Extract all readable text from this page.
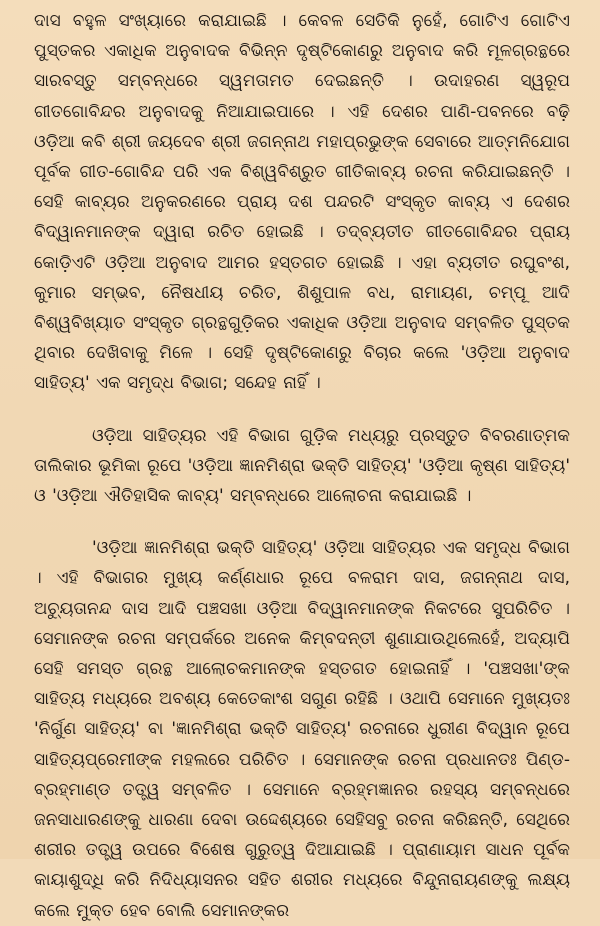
ଦାସ ବହୁଳ ସଂଖ୍ୟାରେ କରାଯାଇଛି । କେବଳ ସେତିକି ନୁହେଁ, ଗୋଟିଏ ଗୋଟିଏ ପୁସ୍ତକର ଏକାଧିକ ଅନୁବାଦକ ବିଭିନ୍ନ ଦୃଷ୍ଟିକୋଣରୁ ଅନୁବାଦ କରି ମୂଳଗ୍ରନ୍ଥରେ ସାରବସ୍ତୁ ସମ୍ବନ୍ଧରେ ସ୍ୱମତାମତ ଦେଇଛନ୍ତି । ଉଦାହରଣ ସ୍ୱରୂପ ଗୀତଗୋବିନ୍ଦର ଅନୁବାଦକୁ ନିଆଯାଇପାରେ । ଏହି ଦେଶର ପାଣି-ପବନରେ ବଢ଼ି ଓଡ଼ିଆ କବି ଶ୍ରୀ ଜୟଦେବ ଶ୍ରୀ ଜଗନ୍ନାଥ ମହାପ୍ରଭୁଙ୍କ ସେବାରେ ଆତ୍ମନିଯୋଗ ପୂର୍ବକ ଗୀତ-ଗୋବିନ୍ଦ ପରି ଏକ ବିଶ୍ୱବିଶ୍ରୁତ ଗୀତିକାବ୍ୟ ରଚନା କରିଯାଇଛନ୍ତି । ସେହି କାବ୍ୟର ଅନୁକରଣରେ ପ୍ରାୟ ଦଶ ପନ୍ଦରଟି ସଂସ୍କୃତ କାବ୍ୟ ଏ ଦେଶର ବିଦ୍ୱାନମାନଙ୍କ ଦ୍ୱାରା ରଚିତ ହୋଇଛି । ତଦ୍‌ବ୍ୟତୀତ ଗୀତଗୋବିନ୍ଦର ପ୍ରାୟ କୋଡ଼ିଏଟି ଓଡ଼ିଆ ଅନୁବାଦ ଆମର ହସ୍ତଗତ ହୋଇଛି । ଏହା ବ୍ୟତୀତ ରଘୁବଂଶ, କୁମାର ସମ୍ଭବ, ନୈଷଧୀୟ ଚରିତ, ଶିଶୁପାଳ ବଧ, ରାମାୟଣ, ଚମ୍ପୂ ଆଦି ବିଶ୍ୱବିଖ୍ୟାତ ସଂସ୍କୃତ ଗ୍ରନ୍ଥଗୁଡ଼ିକର ଏକାଧିକ ଓଡ଼ିଆ ଅନୁବାଦ ସମ୍ବଳିତ ପୁସ୍ତକ ଥିବାର ଦେଖିବାକୁ ମିଳେ । ସେହି ଦୃଷ୍ଟିକୋଣରୁ ବିଚାର କଲେ 'ଓଡ଼ିଆ ଅନୁବାଦ ସାହିତ୍ୟ' ଏକ ସମୃଦ୍ଧ ବିଭାଗ; ସନ୍ଦେହ ନାହିଁ ।

ଓଡ଼ିଆ ସାହିତ୍ୟର ଏହି ବିଭାଗ ଗୁଡ଼ିକ ମଧ୍ୟରୁ ପ୍ରସ୍ତୁତ ବିବରଣାତ୍ମକ ତାଲିକାର ଭୂମିକା ରୂପେ 'ଓଡ଼ିଆ ଜ୍ଞାନମିଶ୍ରା ଭକ୍ତି ସାହିତ୍ୟ' 'ଓଡ଼ିଆ କୃଷ୍ଣ ସାହିତ୍ୟ' ଓ 'ଓଡ଼ିଆ ଐତିହାସିକ କାବ୍ୟ' ସମ୍ବନ୍ଧରେ ଆଲୋଚନା କରାଯାଇଛି ।

'ଓଡ଼ିଆ ଜ୍ଞାନମିଶ୍ରା ଭକ୍ତି ସାହିତ୍ୟ' ଓଡ଼ିଆ ସାହିତ୍ୟର ଏକ ସମୃଦ୍ଧ ବିଭାଗ । ଏହି ବିଭାଗର ମୁଖ୍ୟ କର୍ଣ୍ଣଧାର ରୂପେ ବଳରାମ ଦାସ, ଜଗନ୍ନାଥ ଦାସ, ଅଚ୍ୟୁତାନନ୍ଦ ଦାସ ଆଦି ପଞ୍ଚସଖା ଓଡ଼ିଆ ବିଦ୍ୱାନମାନଙ୍କ ନିକଟରେ ସୁପରିଚିତ । ସେମାନଙ୍କ ରଚନା ସମ୍ପର୍କରେ ଅନେକ କିମ୍ବଦନ୍ତୀ ଶୁଣାଯାଉଥିଲେହେଁ, ଅଦ୍ୟାପି ସେହି ସମସ୍ତ ଗ୍ରନ୍ଥ ଆଲୋଚକମାନଙ୍କ ହସ୍ତଗତ ହୋଇନାହିଁ । 'ପଞ୍ଚସଖା'ଙ୍କ ସାହିତ୍ୟ ମଧ୍ୟରେ ଅବଶ୍ୟ କେତେକାଂଶ ସଗୁଣ ରହିଛି । ଓଥାପି ସେମାନେ ମୁଖ୍ୟତଃ 'ନିର୍ଗୁଣ ସାହିତ୍ୟ' ବା 'ଜ୍ଞାନମିଶ୍ରା ଭକ୍ତି ସାହିତ୍ୟ' ରଚନାରେ ଧୁରୀଣ ବିଦ୍ୱାନ ରୂପେ ସାହିତ୍ୟପ୍ରେମୀଙ୍କ ମହଲରେ ପରିଚିତ । ସେମାନଙ୍କ ରଚନା ପ୍ରଧାନତଃ ପିଣ୍ଡ-ବ୍ରହ୍ମାଣ୍ଡ ତତ୍ତ୍ୱ ସମ୍ବଳିତ । ସେମାନେ ବ୍ରହ୍ମଜ୍ଞାନର ରହସ୍ୟ ସମ୍ବନ୍ଧରେ ଜନସାଧାରଣଙ୍କୁ ଧାରଣା ଦେବା ଉଦ୍ଦେଶ୍ୟରେ ସେହିସବୁ ରଚନା କରିଛନ୍ତି, ସେଥିରେ ଶରୀର ତତ୍ତ୍ୱ ଉପରେ ବିଶେଷ ଗୁରୁତ୍ୱ ଦିଆଯାଇଛି । ପ୍ରାଣାୟାମ ସାଧନ ପୂର୍ବକ କାୟାଶୁଦ୍ଧି କରି ନିଦିଧ୍ୟାସନର ସହିତ ଶରୀର ମଧ୍ୟରେ ବିନ୍ଦୁନାରାୟଣଙ୍କୁ ଲକ୍ଷ୍ୟ କଲେ ମୁକ୍ତ ହେବ ବୋଲି ସେମାନଙ୍କର
